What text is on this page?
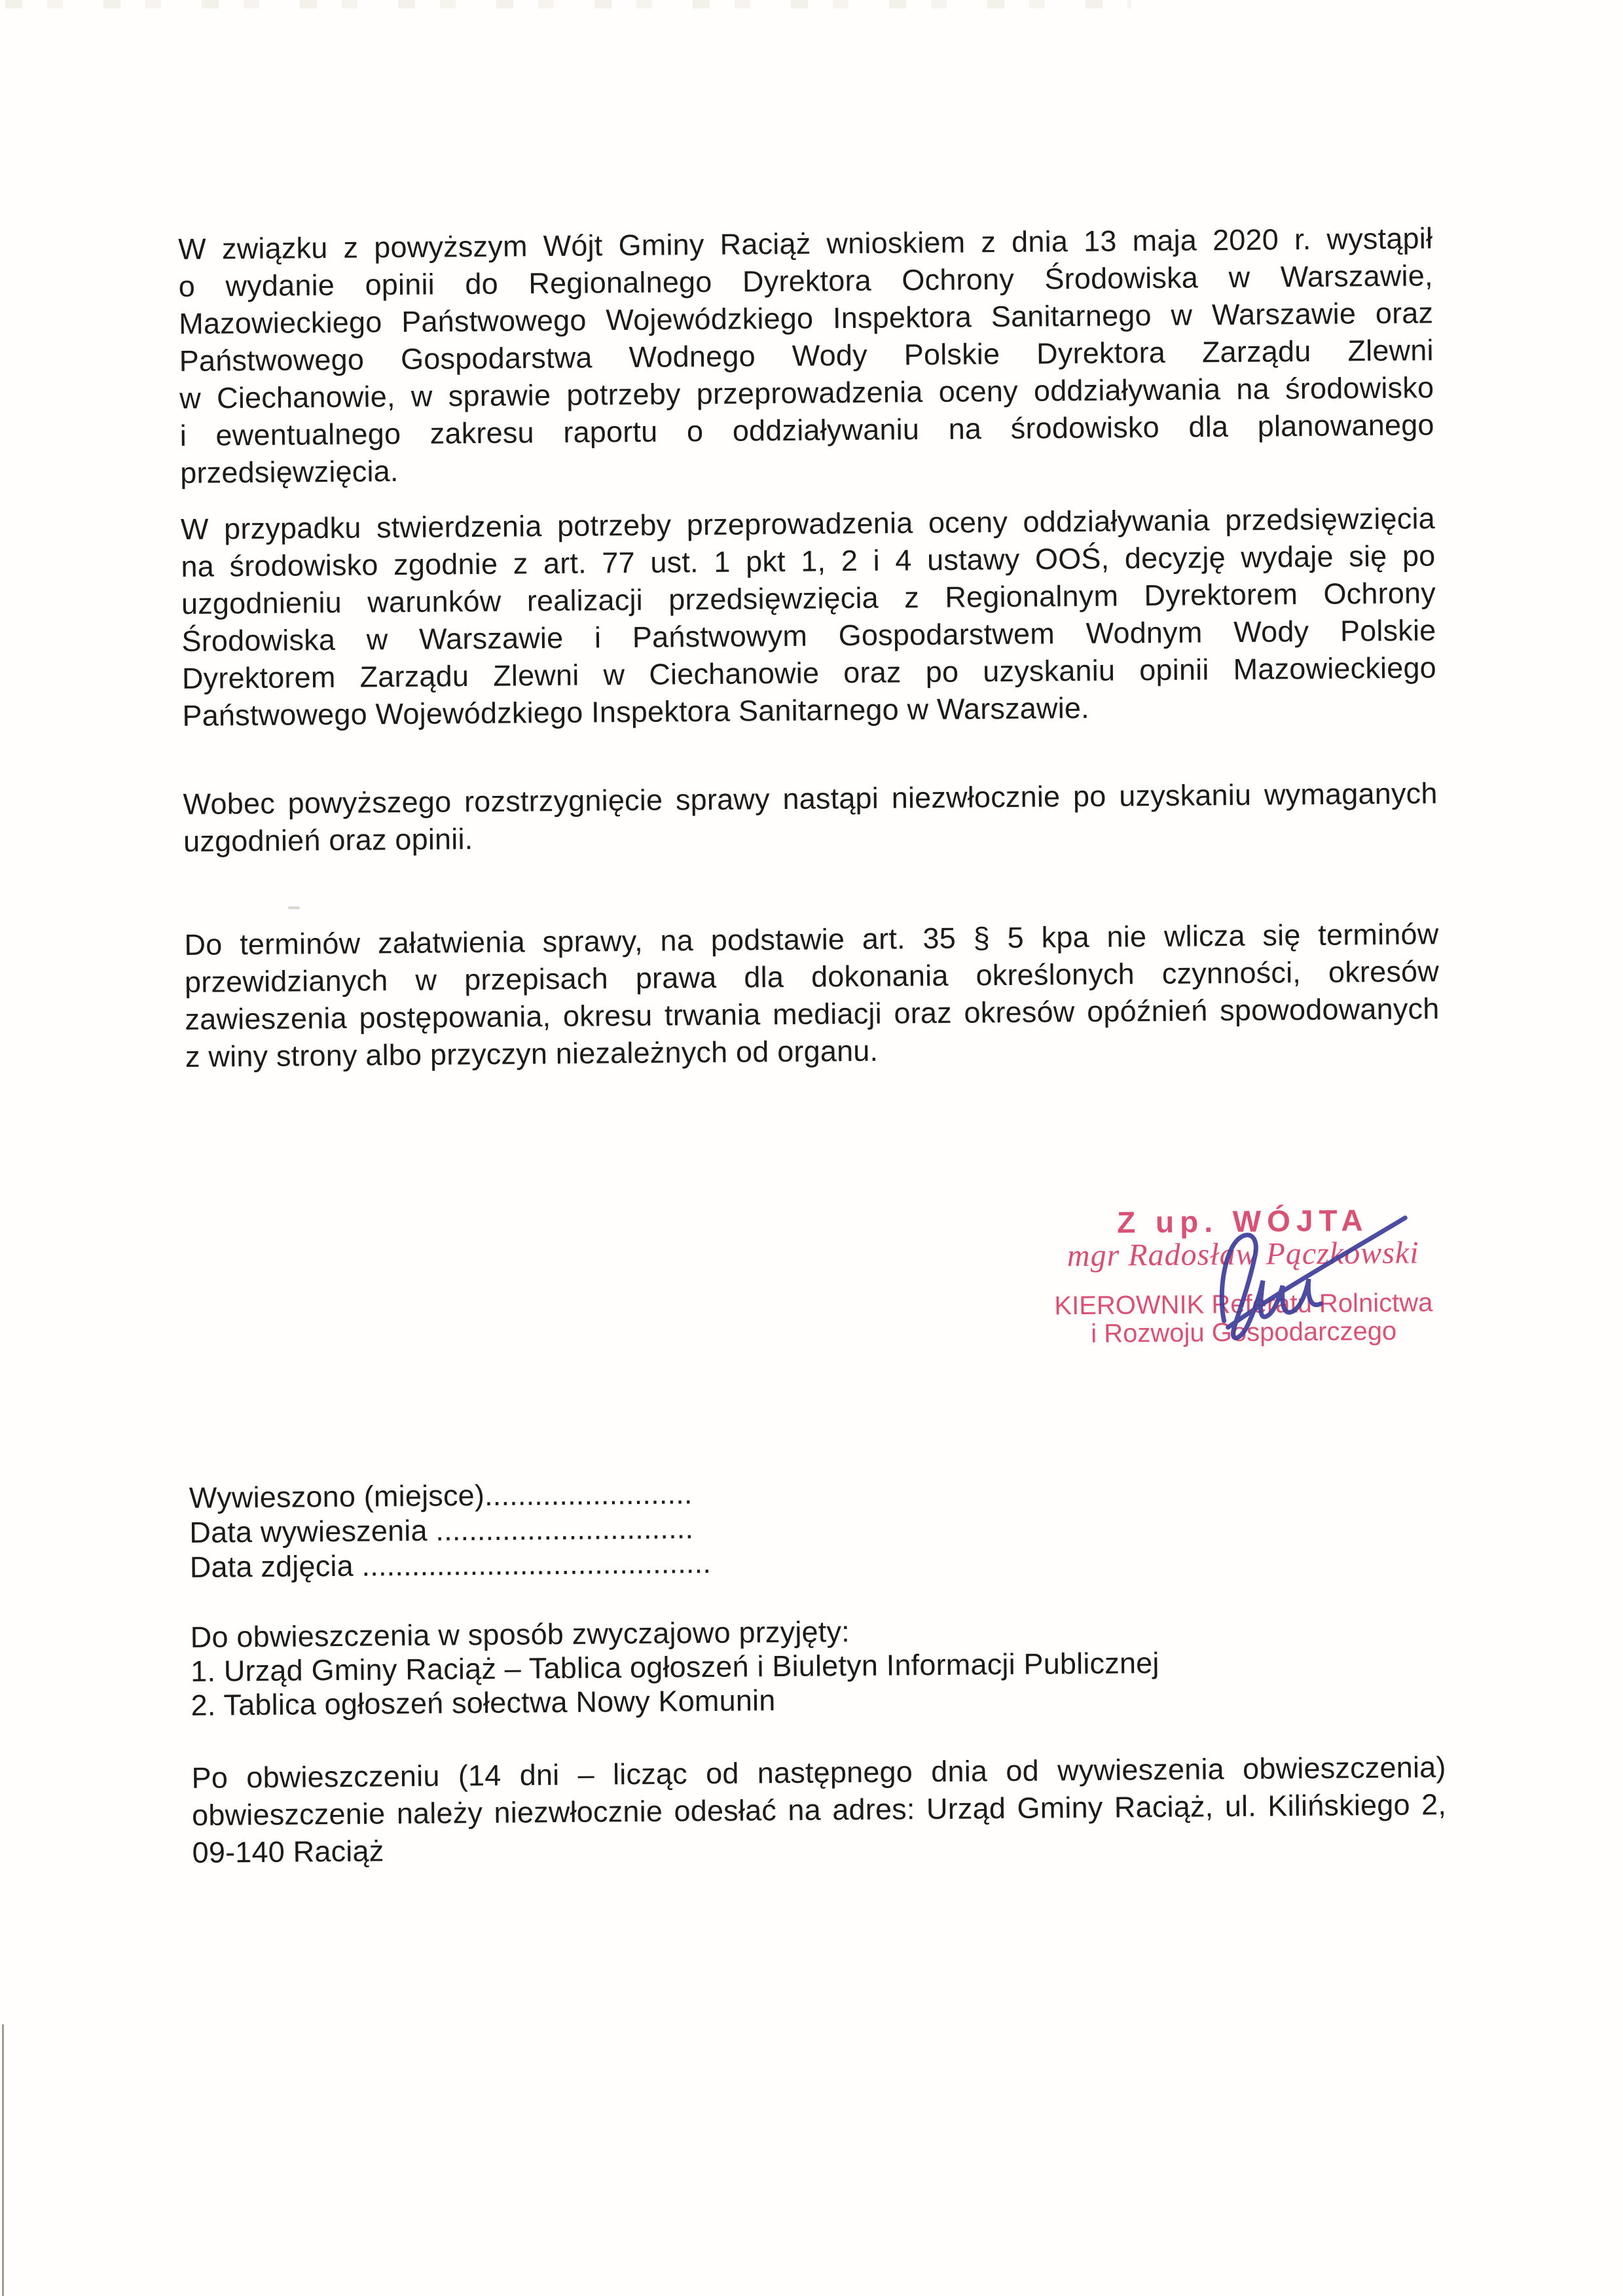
W związku z powyższym Wójt Gminy Raciąż wnioskiem z dnia 13 maja 2020 r. wystąpił
o wydanie opinii do Regionalnego Dyrektora Ochrony Środowiska w Warszawie,
Mazowieckiego Państwowego Wojewódzkiego Inspektora Sanitarnego w Warszawie oraz
Państwowego Gospodarstwa Wodnego Wody Polskie Dyrektora Zarządu Zlewni
w Ciechanowie, w sprawie potrzeby przeprowadzenia oceny oddziaływania na środowisko
i ewentualnego zakresu raportu o oddziaływaniu na środowisko dla planowanego
przedsięwzięcia.
W przypadku stwierdzenia potrzeby przeprowadzenia oceny oddziaływania przedsięwzięcia
na środowisko zgodnie z art. 77 ust. 1 pkt 1, 2 i 4 ustawy OOŚ, decyzję wydaje się po
uzgodnieniu warunków realizacji przedsięwzięcia z Regionalnym Dyrektorem Ochrony
Środowiska w Warszawie i Państwowym Gospodarstwem Wodnym Wody Polskie
Dyrektorem Zarządu Zlewni w Ciechanowie oraz po uzyskaniu opinii Mazowieckiego
Państwowego Wojewódzkiego Inspektora Sanitarnego w Warszawie.
Wobec powyższego rozstrzygnięcie sprawy nastąpi niezwłocznie po uzyskaniu wymaganych
uzgodnień oraz opinii.
Do terminów załatwienia sprawy, na podstawie art. 35 § 5 kpa nie wlicza się terminów
przewidzianych w przepisach prawa dla dokonania określonych czynności, okresów
zawieszenia postępowania, okresu trwania mediacji oraz okresów opóźnień spowodowanych
z winy strony albo przyczyn niezależnych od organu.
Z up. WÓJTA
mgr Radosław Pączkowski
KIEROWNIK Referatu Rolnictwa
i Rozwoju Gospodarczego
Wywieszono (miejsce).........................
Data wywieszenia ...............................
Data zdjęcia ..........................................
Do obwieszczenia w sposób zwyczajowo przyjęty:
1. Urząd Gminy Raciąż – Tablica ogłoszeń i Biuletyn Informacji Publicznej
2. Tablica ogłoszeń sołectwa Nowy Komunin
Po obwieszczeniu (14 dni – licząc od następnego dnia od wywieszenia obwieszczenia)
obwieszczenie należy niezwłocznie odesłać na adres: Urząd Gminy Raciąż, ul. Kilińskiego 2,
09-140 Raciąż
